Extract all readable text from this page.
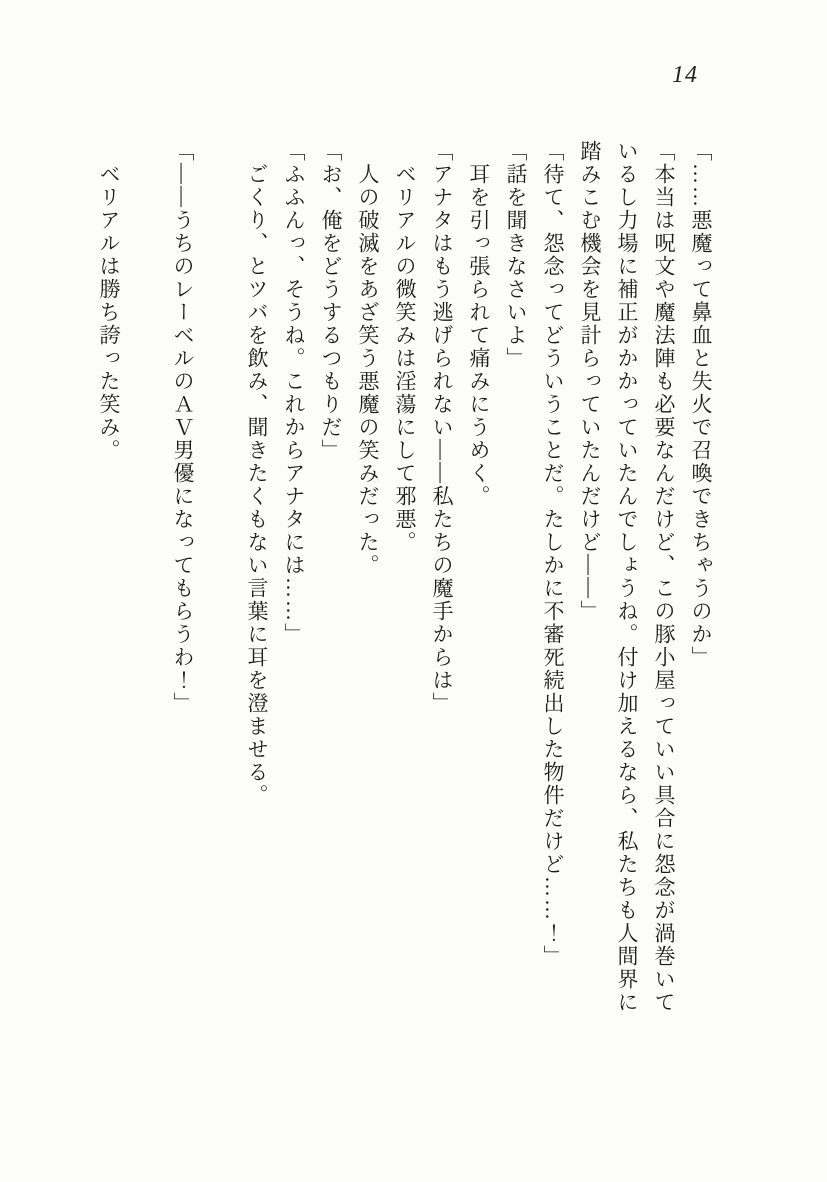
14
「……悪魔って鼻血と失火で召喚できちゃうのか」
「本当は呪文や魔法陣も必要なんだけど、この豚小屋っていい具合に怨念が渦巻いて
いるし力場に補正がかかっていたんでしょうね。付け加えるなら、私たちも人間界に
踏みこむ機会を見計らっていたんだけど――」
「待て、怨念ってどういうことだ。たしかに不審死続出した物件だけど……！」
「話を聞きなさいよ」
　耳を引っ張られて痛みにうめく。
「アナタはもう逃げられない――私たちの魔手からは」
　ベリアルの微笑みは淫蕩にして邪悪。
　人の破滅をあざ笑う悪魔の笑みだった。
「お、俺をどうするつもりだ」
「ふふんっ、そうね。これからアナタには……」
　ごくり、とツバを飲み、聞きたくもない言葉に耳を澄ませる。
「――うちのレーベルのＡＶ男優になってもらうわ！」
　ベリアルは勝ち誇った笑み。
